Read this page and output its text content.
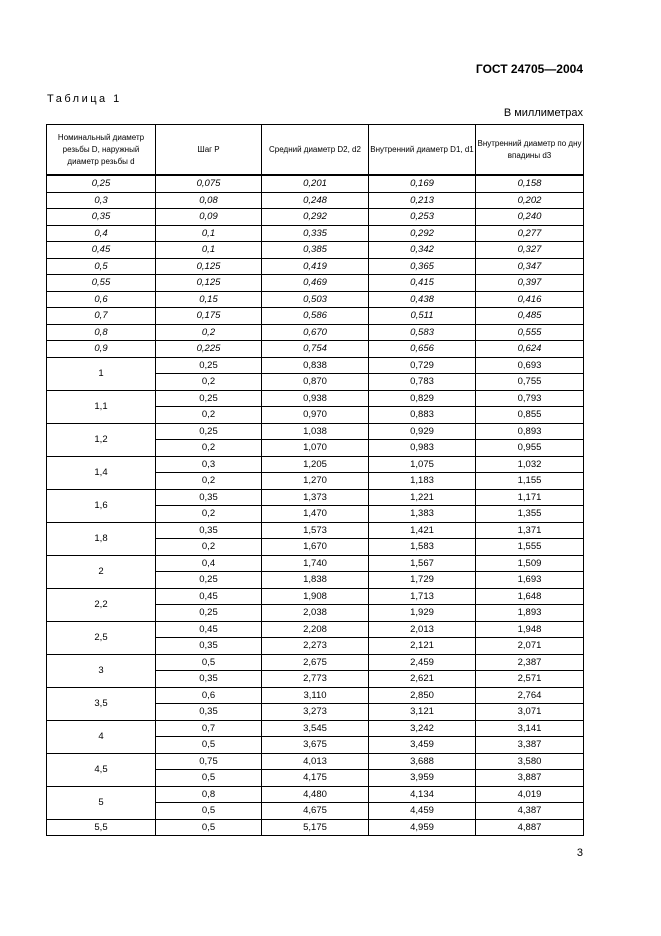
ГОСТ 24705—2004
Таблица 1
В миллиметрах
Номинальный диаметр резьбы D, наружный диаметр резьбы d	Шаг P	Средний диаметр D2, d2	Внутренний диаметр D1, d1	Внутренний диаметр по дну впадины d3
0,25	0,075	0,201	0,169	0,158
0,3	0,08	0,248	0,213	0,202
0,35	0,09	0,292	0,253	0,240
0,4	0,1	0,335	0,292	0,277
0,45	0,1	0,385	0,342	0,327
0,5	0,125	0,419	0,365	0,347
0,55	0,125	0,469	0,415	0,397
0,6	0,15	0,503	0,438	0,416
0,7	0,175	0,586	0,511	0,485
0,8	0,2	0,670	0,583	0,555
0,9	0,225	0,754	0,656	0,624
1	0,25	0,838	0,729	0,693
	0,2	0,870	0,783	0,755
1,1	0,25	0,938	0,829	0,793
	0,2	0,970	0,883	0,855
1,2	0,25	1,038	0,929	0,893
	0,2	1,070	0,983	0,955
1,4	0,3	1,205	1,075	1,032
	0,2	1,270	1,183	1,155
1,6	0,35	1,373	1,221	1,171
	0,2	1,470	1,383	1,355
1,8	0,35	1,573	1,421	1,371
	0,2	1,670	1,583	1,555
2	0,4	1,740	1,567	1,509
	0,25	1,838	1,729	1,693
2,2	0,45	1,908	1,713	1,648
	0,25	2,038	1,929	1,893
2,5	0,45	2,208	2,013	1,948
	0,35	2,273	2,121	2,071
3	0,5	2,675	2,459	2,387
	0,35	2,773	2,621	2,571
3,5	0,6	3,110	2,850	2,764
	0,35	3,273	3,121	3,071
4	0,7	3,545	3,242	3,141
	0,5	3,675	3,459	3,387
4,5	0,75	4,013	3,688	3,580
	0,5	4,175	3,959	3,887
5	0,8	4,480	4,134	4,019
	0,5	4,675	4,459	4,387
5,5	0,5	5,175	4,959	4,887
3
